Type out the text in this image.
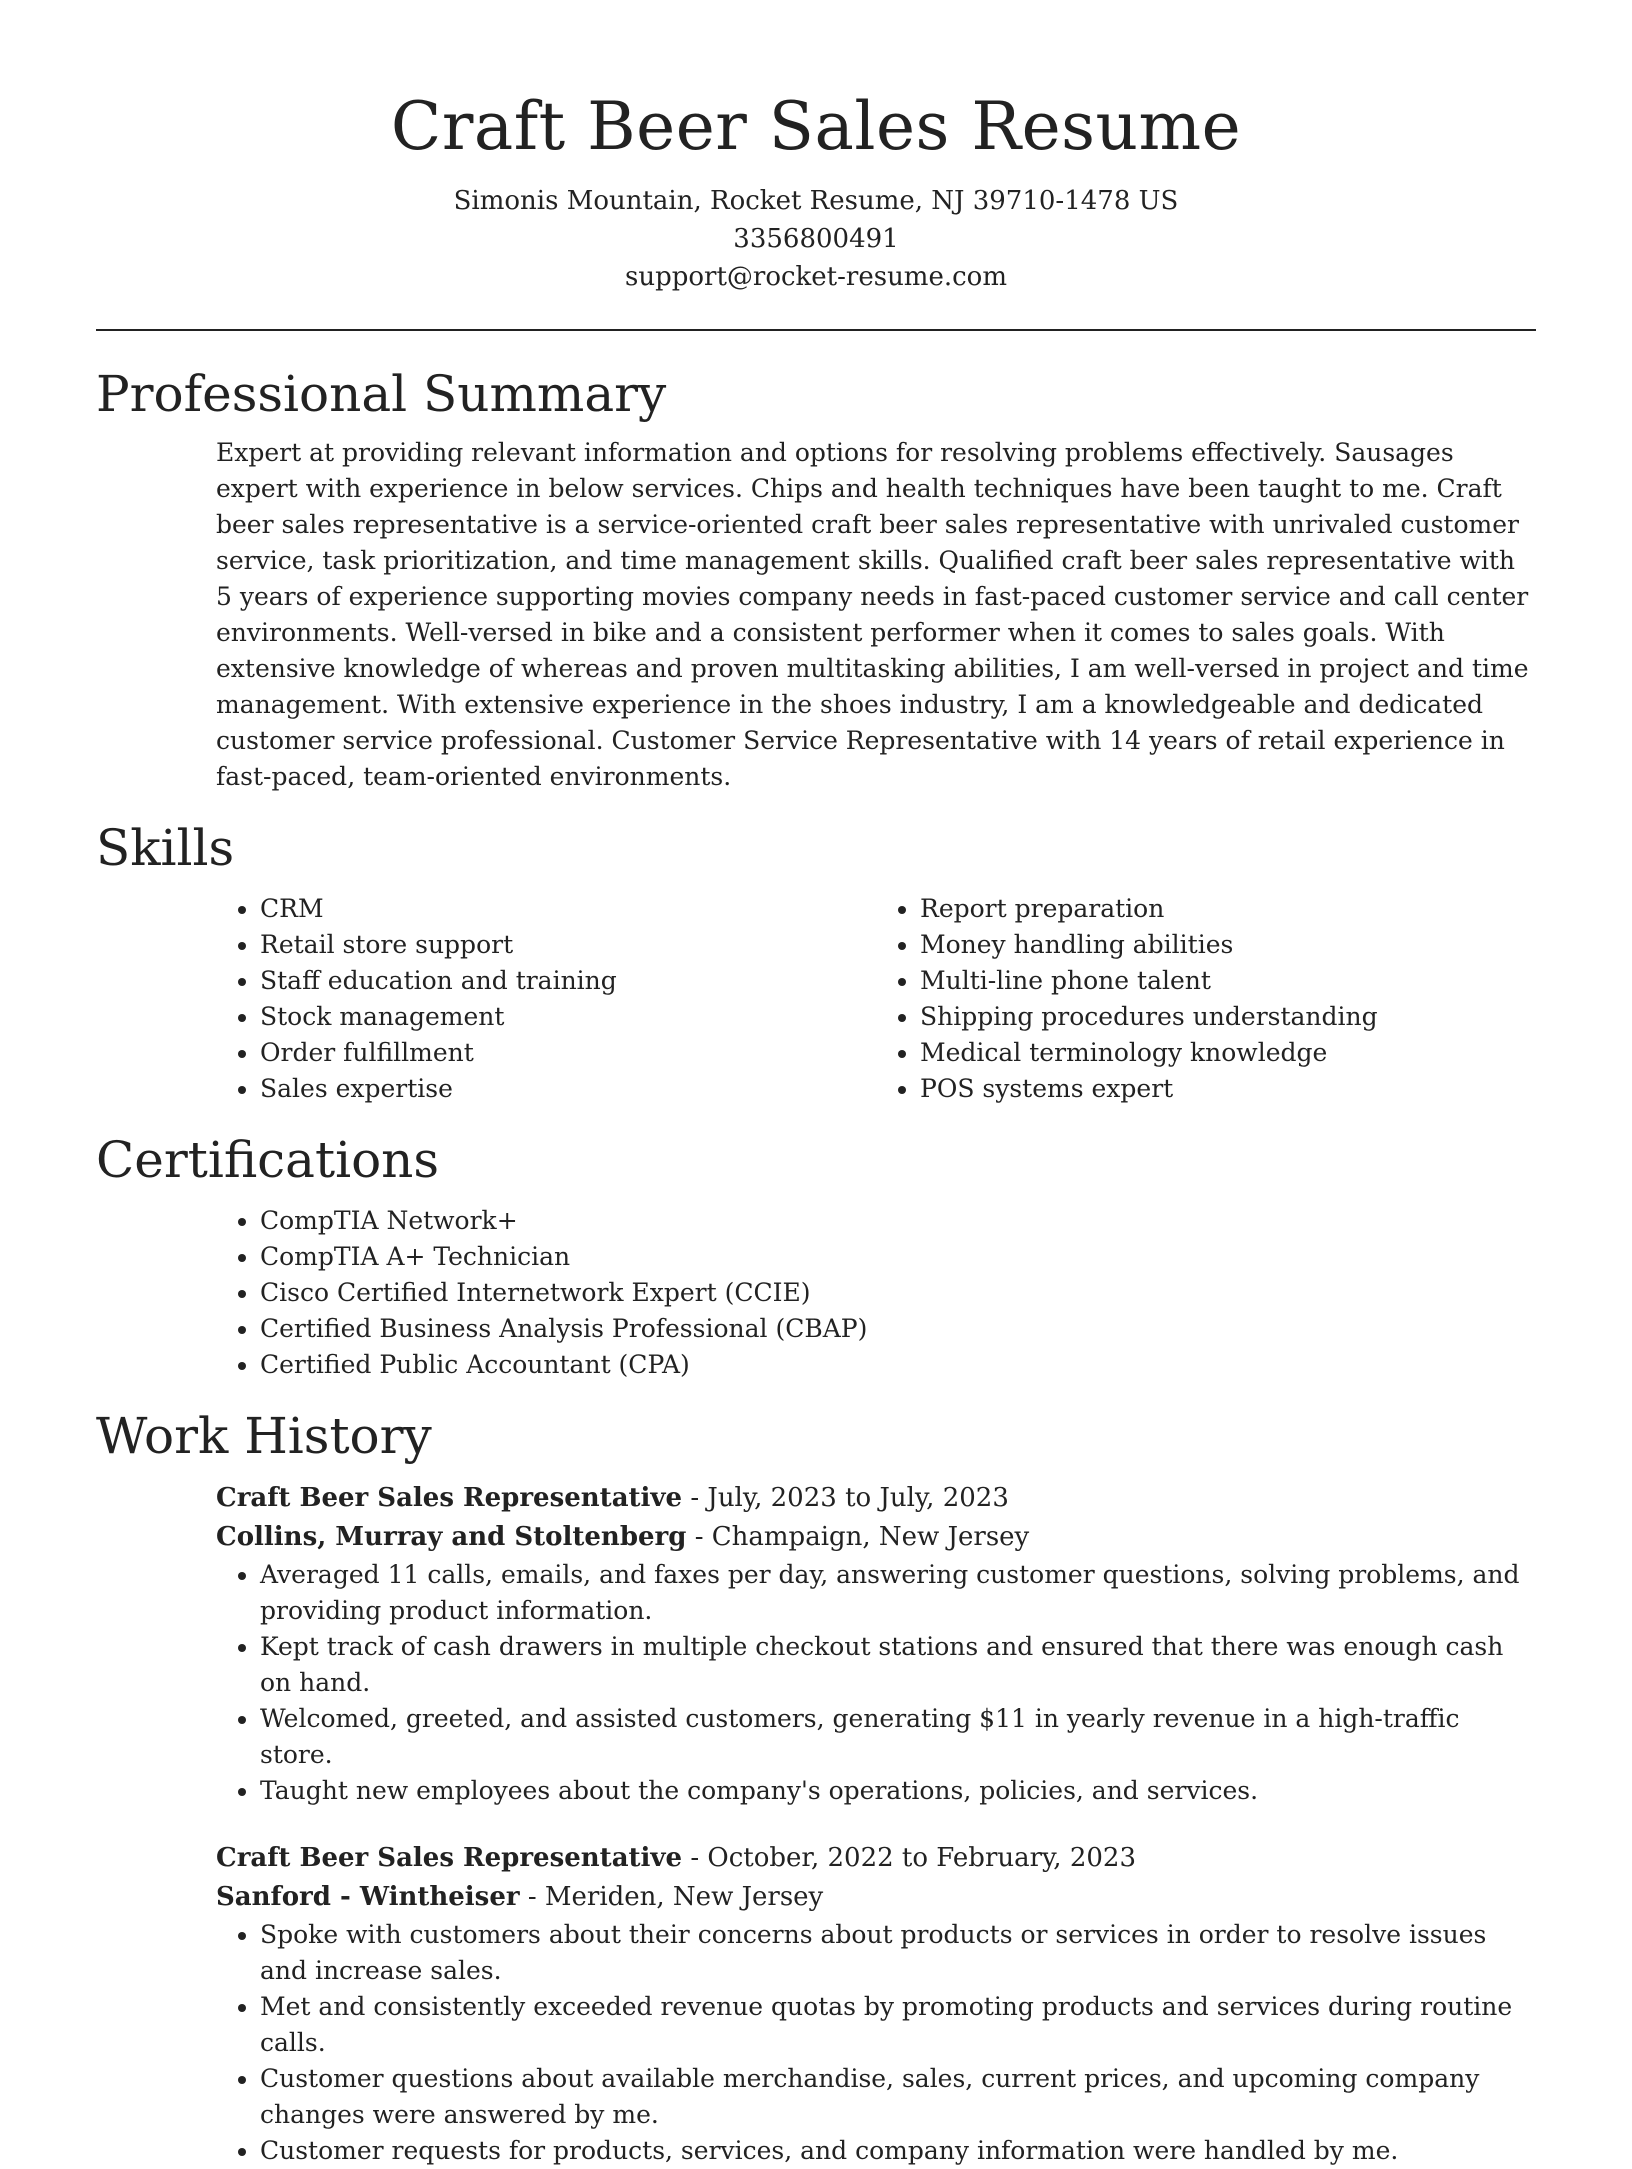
Craft Beer Sales Resume

Simonis Mountain, Rocket Resume, NJ 39710-1478 US

3356800491

support@rocket-resume.com

Professional Summary

Expert at providing relevant information and options for resolving problems effectively. Sausages expert with experience in below services. Chips and health techniques have been taught to me. Craft beer sales representative is a service-oriented craft beer sales representative with unrivaled customer service, task prioritization, and time management skills. Qualified craft beer sales representative with 5 years of experience supporting movies company needs in fast-paced customer service and call center environments. Well-versed in bike and a consistent performer when it comes to sales goals. With extensive knowledge of whereas and proven multitasking abilities, I am well-versed in project and time management. With extensive experience in the shoes industry, I am a knowledgeable and dedicated customer service professional. Customer Service Representative with 14 years of retail experience in fast-paced, team-oriented environments.

Skills
• CRM
• Retail store support
• Staff education and training
• Stock management
• Order fulfillment
• Sales expertise
• Report preparation
• Money handling abilities
• Multi-line phone talent
• Shipping procedures understanding
• Medical terminology knowledge
• POS systems expert
Certifications
• CompTIA Network+
• CompTIA A+ Technician
• Cisco Certified Internetwork Expert (CCIE)
• Certified Business Analysis Professional (CBAP)
• Certified Public Accountant (CPA)
Work History

Craft Beer Sales Representative - July, 2023 to July, 2023

Collins, Murray and Stoltenberg - Champaign, New Jersey

• Averaged 11 calls, emails, and faxes per day, answering customer questions, solving problems, and providing product information.
• Kept track of cash drawers in multiple checkout stations and ensured that there was enough cash on hand.
• Welcomed, greeted, and assisted customers, generating $11 in yearly revenue in a high-traffic store.
• Taught new employees about the company's operations, policies, and services.

Craft Beer Sales Representative - October, 2022 to February, 2023

Sanford - Wintheiser - Meriden, New Jersey

• Spoke with customers about their concerns about products or services in order to resolve issues and increase sales.
• Met and consistently exceeded revenue quotas by promoting products and services during routine calls.
• Customer questions about available merchandise, sales, current prices, and upcoming company changes were answered by me.
• Customer requests for products, services, and company information were handled by me.
